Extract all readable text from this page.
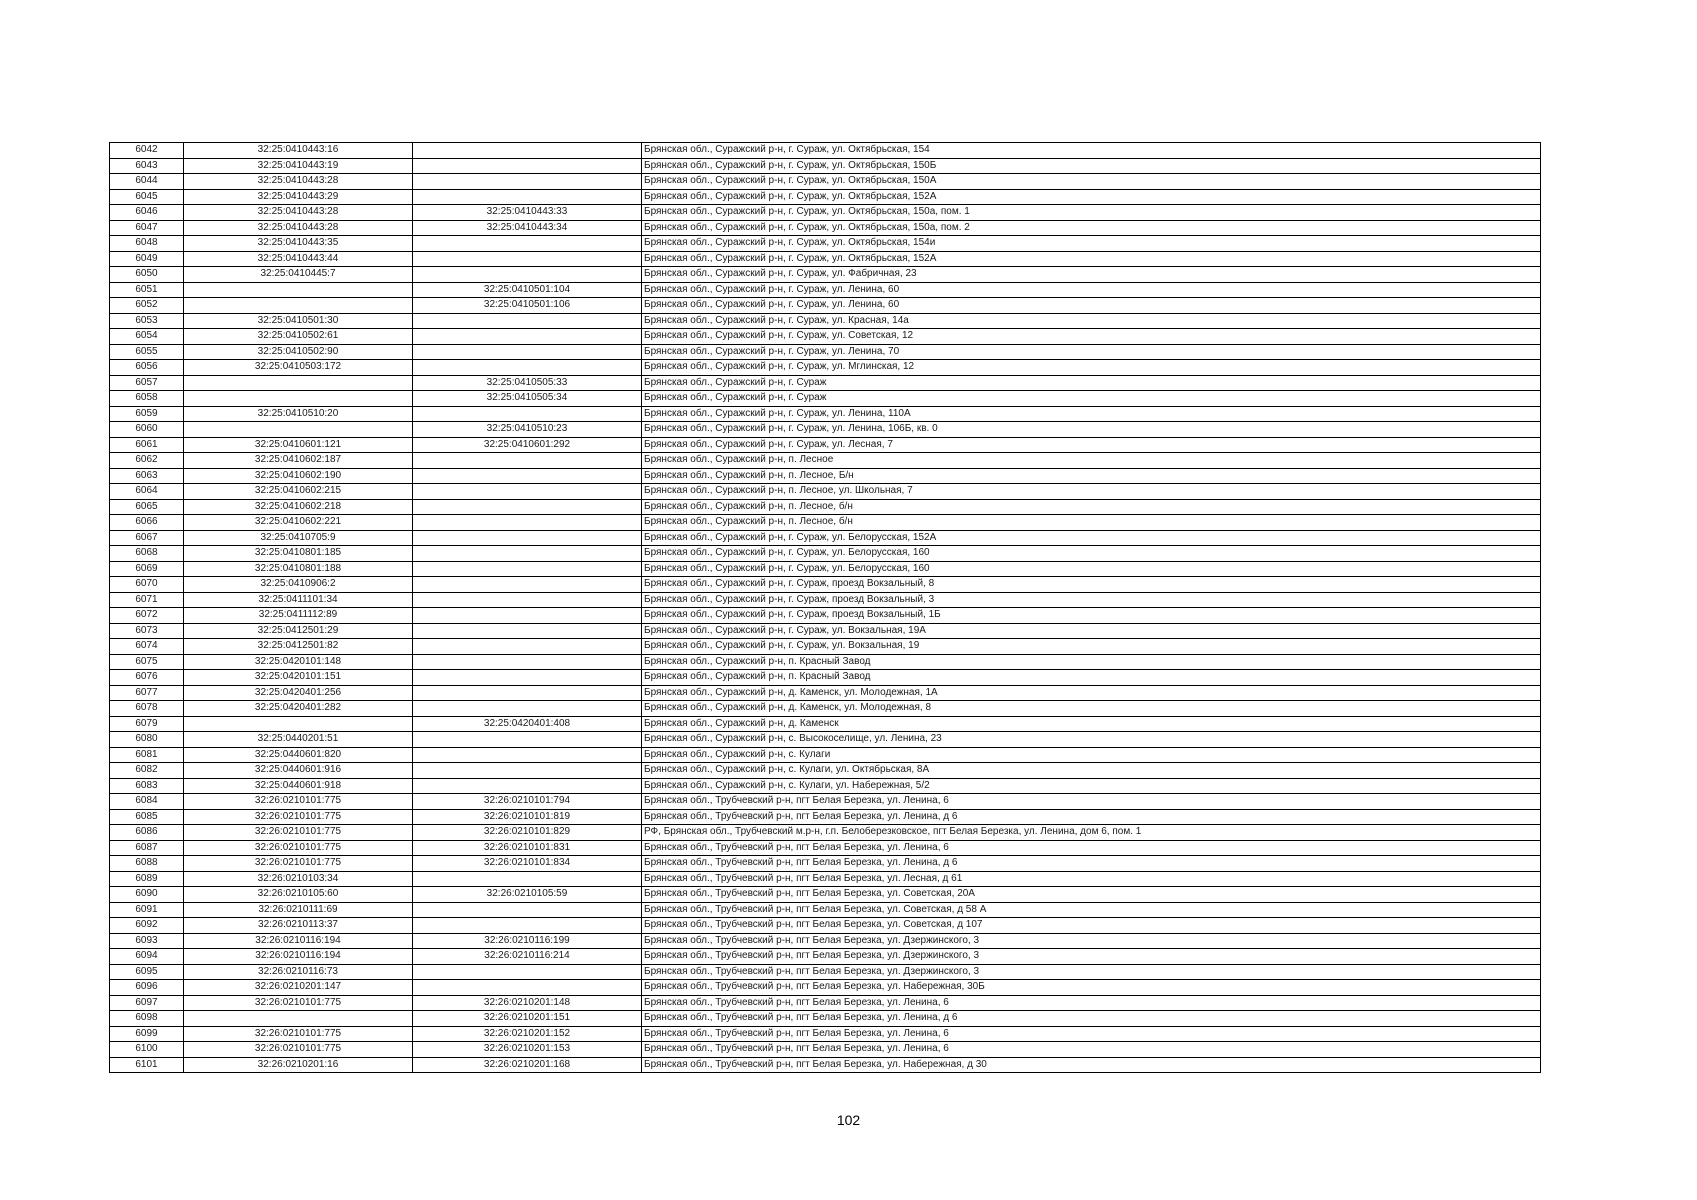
6042	32:25:0410443:16		Брянская обл., Суражский р-н, г. Сураж, ул. Октябрьская, 154
6043	32:25:0410443:19		Брянская обл., Суражский р-н, г. Сураж, ул. Октябрьская, 150Б
6044	32:25:0410443:28		Брянская обл., Суражский р-н, г. Сураж, ул. Октябрьская, 150А
6045	32:25:0410443:29		Брянская обл., Суражский р-н, г. Сураж, ул. Октябрьская, 152А
6046	32:25:0410443:28	32:25:0410443:33	Брянская обл., Суражский р-н, г. Сураж, ул. Октябрьская, 150а, пом. 1
6047	32:25:0410443:28	32:25:0410443:34	Брянская обл., Суражский р-н, г. Сураж, ул. Октябрьская, 150а, пом. 2
6048	32:25:0410443:35		Брянская обл., Суражский р-н, г. Сураж, ул. Октябрьская, 154и
6049	32:25:0410443:44		Брянская обл., Суражский р-н, г. Сураж, ул. Октябрьская, 152А
6050	32:25:0410445:7		Брянская обл., Суражский р-н, г. Сураж, ул. Фабричная, 23
6051		32:25:0410501:104	Брянская обл., Суражский р-н, г. Сураж, ул. Ленина, 60
6052		32:25:0410501:106	Брянская обл., Суражский р-н, г. Сураж, ул. Ленина, 60
6053	32:25:0410501:30		Брянская обл., Суражский р-н, г. Сураж, ул. Красная, 14а
6054	32:25:0410502:61		Брянская обл., Суражский р-н, г. Сураж, ул. Советская, 12
6055	32:25:0410502:90		Брянская обл., Суражский р-н, г. Сураж, ул. Ленина, 70
6056	32:25:0410503:172		Брянская обл., Суражский р-н, г. Сураж, ул. Мглинская, 12
6057		32:25:0410505:33	Брянская обл., Суражский р-н, г. Сураж
6058		32:25:0410505:34	Брянская обл., Суражский р-н, г. Сураж
6059	32:25:0410510:20		Брянская обл., Суражский р-н, г. Сураж, ул. Ленина, 110А
6060		32:25:0410510:23	Брянская обл., Суражский р-н, г. Сураж, ул. Ленина, 106Б, кв. 0
6061	32:25:0410601:121	32:25:0410601:292	Брянская обл., Суражский р-н, г. Сураж, ул. Лесная, 7
6062	32:25:0410602:187		Брянская обл., Суражский р-н, п. Лесное
6063	32:25:0410602:190		Брянская обл., Суражский р-н, п. Лесное, Б/н
6064	32:25:0410602:215		Брянская обл., Суражский р-н, п. Лесное, ул. Школьная, 7
6065	32:25:0410602:218		Брянская обл., Суражский р-н, п. Лесное, б/н
6066	32:25:0410602:221		Брянская обл., Суражский р-н, п. Лесное, б/н
6067	32:25:0410705:9		Брянская обл., Суражский р-н, г. Сураж, ул. Белорусская, 152А
6068	32:25:0410801:185		Брянская обл., Суражский р-н, г. Сураж, ул. Белорусская, 160
6069	32:25:0410801:188		Брянская обл., Суражский р-н, г. Сураж, ул. Белорусская, 160
6070	32:25:0410906:2		Брянская обл., Суражский р-н, г. Сураж, проезд Вокзальный, 8
6071	32:25:0411101:34		Брянская обл., Суражский р-н, г. Сураж, проезд Вокзальный, 3
6072	32:25:0411112:89		Брянская обл., Суражский р-н, г. Сураж, проезд Вокзальный, 1Б
6073	32:25:0412501:29		Брянская обл., Суражский р-н, г. Сураж, ул. Вокзальная, 19А
6074	32:25:0412501:82		Брянская обл., Суражский р-н, г. Сураж, ул. Вокзальная, 19
6075	32:25:0420101:148		Брянская обл., Суражский р-н, п. Красный Завод
6076	32:25:0420101:151		Брянская обл., Суражский р-н, п. Красный Завод
6077	32:25:0420401:256		Брянская обл., Суражский р-н, д. Каменск, ул. Молодежная, 1А
6078	32:25:0420401:282		Брянская обл., Суражский р-н, д. Каменск, ул. Молодежная, 8
6079		32:25:0420401:408	Брянская обл., Суражский р-н, д. Каменск
6080	32:25:0440201:51		Брянская обл., Суражский р-н, с. Высокоселище, ул. Ленина, 23
6081	32:25:0440601:820		Брянская обл., Суражский р-н, с. Кулаги
6082	32:25:0440601:916		Брянская обл., Суражский р-н, с. Кулаги, ул. Октябрьская, 8А
6083	32:25:0440601:918		Брянская обл., Суражский р-н, с. Кулаги, ул. Набережная, 5/2
6084	32:26:0210101:775	32:26:0210101:794	Брянская обл., Трубчевский р-н, пгт Белая Березка, ул. Ленина, 6
6085	32:26:0210101:775	32:26:0210101:819	Брянская обл., Трубчевский р-н, пгт Белая Березка, ул. Ленина, д 6
6086	32:26:0210101:775	32:26:0210101:829	РФ, Брянская обл., Трубчевский м.р-н, г.п. Белоберезковское, пгт Белая Березка, ул. Ленина, дом 6, пом. 1
6087	32:26:0210101:775	32:26:0210101:831	Брянская обл., Трубчевский р-н, пгт Белая Березка, ул. Ленина, 6
6088	32:26:0210101:775	32:26:0210101:834	Брянская обл., Трубчевский р-н, пгт Белая Березка, ул. Ленина, д 6
6089	32:26:0210103:34		Брянская обл., Трубчевский р-н, пгт Белая Березка, ул. Лесная, д 61
6090	32:26:0210105:60	32:26:0210105:59	Брянская обл., Трубчевский р-н, пгт Белая Березка, ул. Советская, 20А
6091	32:26:0210111:69		Брянская обл., Трубчевский р-н, пгт Белая Березка, ул. Советская, д 58 А
6092	32:26:0210113:37		Брянская обл., Трубчевский р-н, пгт Белая Березка, ул. Советская, д 107
6093	32:26:0210116:194	32:26:0210116:199	Брянская обл., Трубчевский р-н, пгт Белая Березка, ул. Дзержинского, 3
6094	32:26:0210116:194	32:26:0210116:214	Брянская обл., Трубчевский р-н, пгт Белая Березка, ул. Дзержинского, 3
6095	32:26:0210116:73		Брянская обл., Трубчевский р-н, пгт Белая Березка, ул. Дзержинского, 3
6096	32:26:0210201:147		Брянская обл., Трубчевский р-н, пгт Белая Березка, ул. Набережная, 30Б
6097	32:26:0210101:775	32:26:0210201:148	Брянская обл., Трубчевский р-н, пгт Белая Березка, ул. Ленина, 6
6098		32:26:0210201:151	Брянская обл., Трубчевский р-н, пгт Белая Березка, ул. Ленина, д 6
6099	32:26:0210101:775	32:26:0210201:152	Брянская обл., Трубчевский р-н, пгт Белая Березка, ул. Ленина, 6
6100	32:26:0210101:775	32:26:0210201:153	Брянская обл., Трубчевский р-н, пгт Белая Березка, ул. Ленина, 6
6101	32:26:0210201:16	32:26:0210201:168	Брянская обл., Трубчевский р-н, пгт Белая Березка, ул. Набережная, д 30
102
